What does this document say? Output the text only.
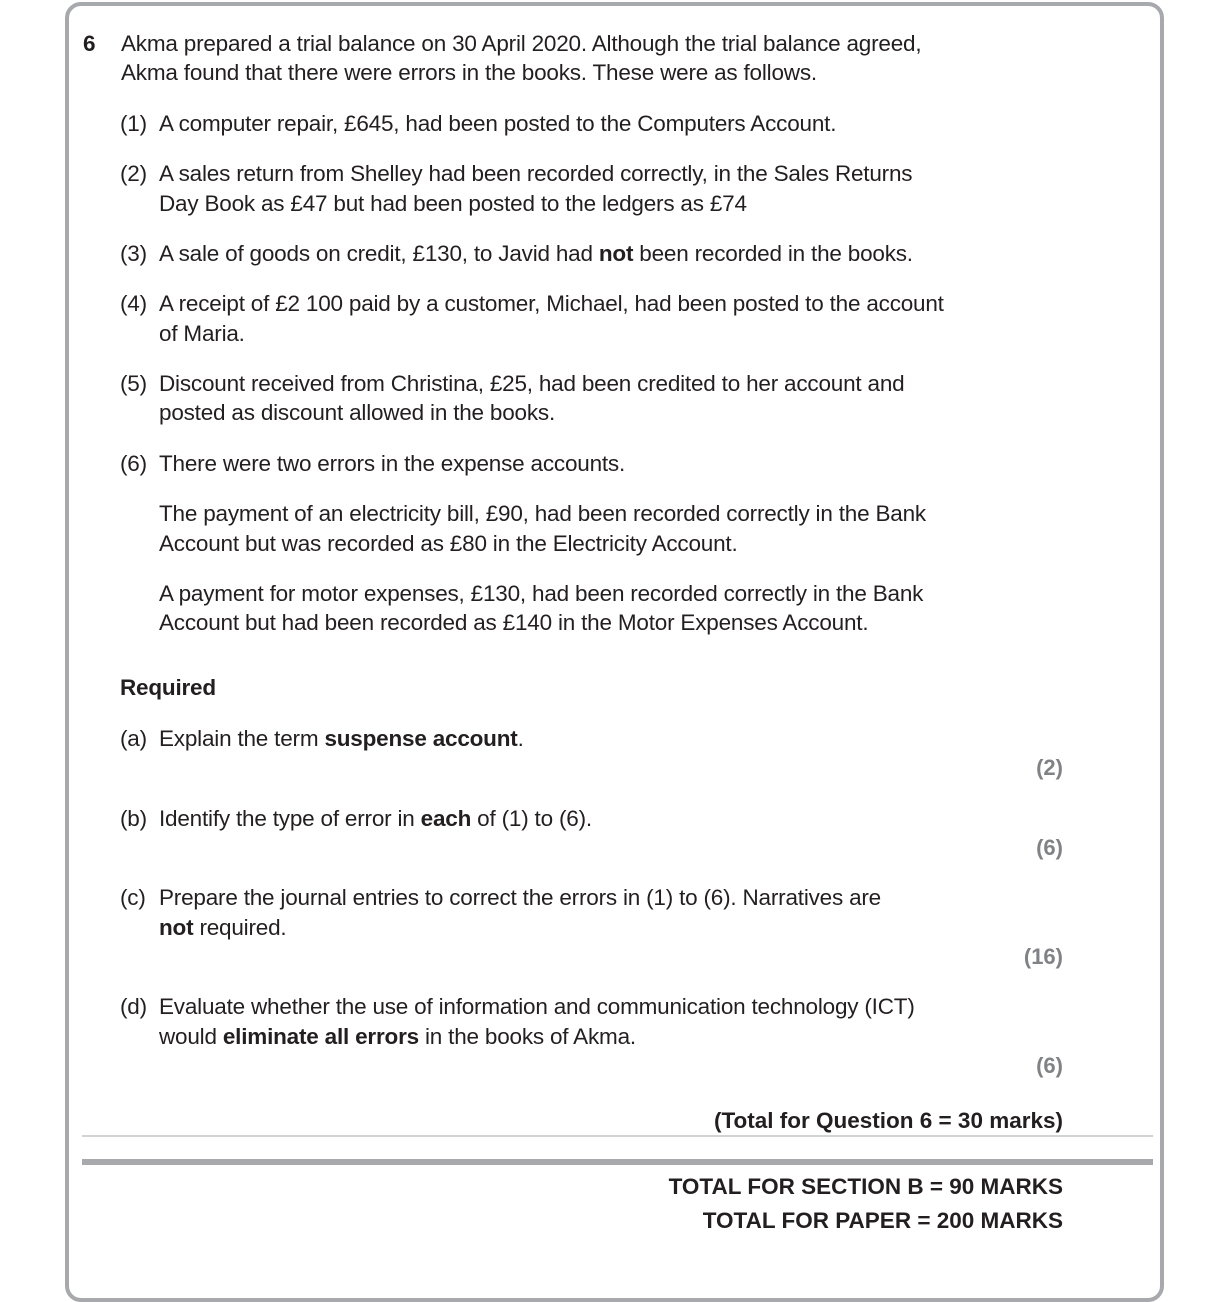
6 Akma prepared a trial balance on 30 April 2020. Although the trial balance agreed,
Akma found that there were errors in the books. These were as follows.
(1) A computer repair, £645, had been posted to the Computers Account.
(2) A sales return from Shelley had been recorded correctly, in the Sales Returns
Day Book as £47 but had been posted to the ledgers as £74
(3) A sale of goods on credit, £130, to Javid had not been recorded in the books.
(4) A receipt of £2 100 paid by a customer, Michael, had been posted to the account
of Maria.
(5) Discount received from Christina, £25, had been credited to her account and
posted as discount allowed in the books.
(6) There were two errors in the expense accounts.
The payment of an electricity bill, £90, had been recorded correctly in the Bank
Account but was recorded as £80 in the Electricity Account.
A payment for motor expenses, £130, had been recorded correctly in the Bank
Account but had been recorded as £140 in the Motor Expenses Account.
Required
(a) Explain the term suspense account.
(2)
(b) Identify the type of error in each of (1) to (6).
(6)
(c) Prepare the journal entries to correct the errors in (1) to (6). Narratives are
not required.
(16)
(d) Evaluate whether the use of information and communication technology (ICT)
would eliminate all errors in the books of Akma.
(6)
(Total for Question 6 = 30 marks)
TOTAL FOR SECTION B = 90 MARKS
TOTAL FOR PAPER = 200 MARKS
